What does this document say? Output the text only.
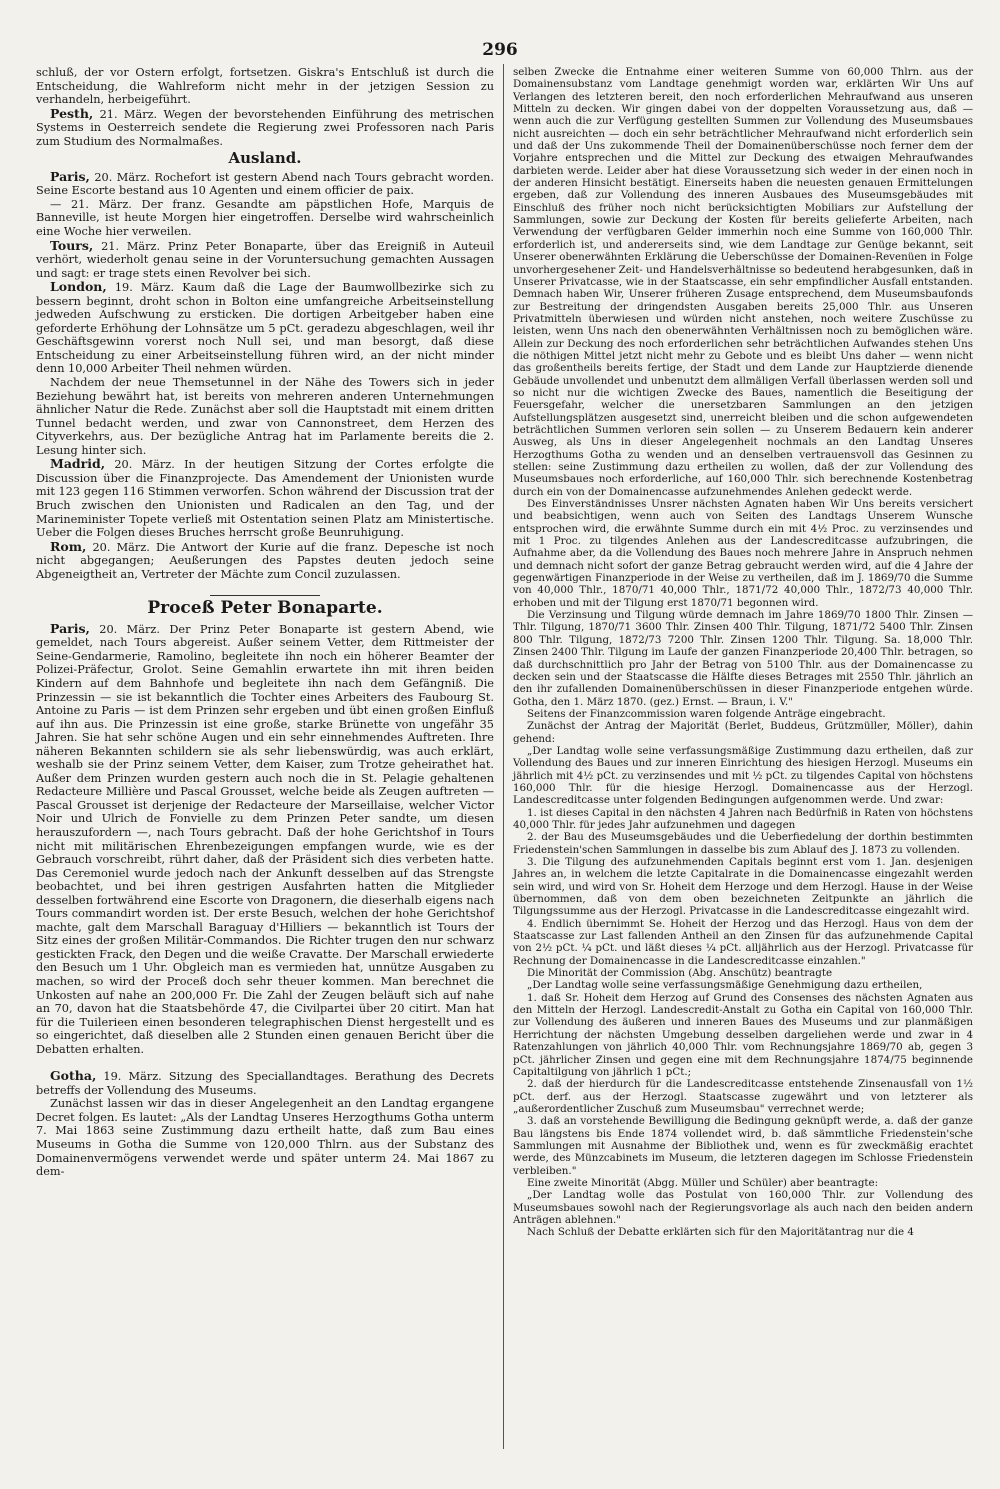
296

schluß, der vor Ostern erfolgt, fortsetzen. Giskra's Entschluß ist durch die Entscheidung, die Wahlreform nicht mehr in der jetzigen Session zu verhandeln, herbeigeführt.

Pesth, 21. März. Wegen der bevorstehenden Einführung des metrischen Systems in Oesterreich sendete die Regierung zwei Professoren nach Paris zum Studium des Normalmaßes.

Ausland.

Paris, 20. März. Rochefort ist gestern Abend nach Tours gebracht worden. Seine Escorte bestand aus 10 Agenten und einem officier de paix.

— 21. März. Der franz. Gesandte am päpstlichen Hofe, Marquis de Banneville, ist heute Morgen hier eingetroffen. Derselbe wird wahrscheinlich eine Woche hier verweilen.

Tours, 21. März. Prinz Peter Bonaparte, über das Ereigniß in Auteuil verhört, wiederholt genau seine in der Voruntersuchung gemachten Aussagen und sagt: er trage stets einen Revolver bei sich.

London, 19. März. Kaum daß die Lage der Baumwollbezirke sich zu bessern beginnt, droht schon in Bolton eine umfangreiche Arbeitseinstellung jedweden Aufschwung zu ersticken. Die dortigen Arbeitgeber haben eine geforderte Erhöhung der Lohnsätze um 5 pCt. geradezu abgeschlagen, weil ihr Geschäftsgewinn vorerst noch Null sei, und man besorgt, daß diese Entscheidung zu einer Arbeitseinstellung führen wird, an der nicht minder denn 10,000 Arbeiter Theil nehmen würden.

Nachdem der neue Themsetunnel in der Nähe des Towers sich in jeder Beziehung bewährt hat, ist bereits von mehreren anderen Unternehmungen ähnlicher Natur die Rede. Zunächst aber soll die Hauptstadt mit einem dritten Tunnel bedacht werden, und zwar von Cannonstreet, dem Herzen des Cityverkehrs, aus. Der bezügliche Antrag hat im Parlamente bereits die 2. Lesung hinter sich.

Madrid, 20. März. In der heutigen Sitzung der Cortes erfolgte die Discussion über die Finanzprojecte. Das Amendement der Unionisten wurde mit 123 gegen 116 Stimmen verworfen. Schon während der Discussion trat der Bruch zwischen den Unionisten und Radicalen an den Tag, und der Marineminister Topete verließ mit Ostentation seinen Platz am Ministertische. Ueber die Folgen dieses Bruches herrscht große Beunruhigung.

Rom, 20. März. Die Antwort der Kurie auf die franz. Depesche ist noch nicht abgegangen; Aeußerungen des Papstes deuten jedoch seine Abgeneigtheit an, Vertreter der Mächte zum Concil zuzulassen.

Proceß Peter Bonaparte.

Paris, 20. März. Der Prinz Peter Bonaparte ist gestern Abend, wie gemeldet, nach Tours abgereist. Außer seinem Vetter, dem Rittmeister der Seine-Gendarmerie, Ramolino, begleitete ihn noch ein höherer Beamter der Polizei-Präfectur, Grolot. Seine Gemahlin erwartete ihn mit ihren beiden Kindern auf dem Bahnhofe und begleitete ihn nach dem Gefängniß. Die Prinzessin — sie ist bekanntlich die Tochter eines Arbeiters des Faubourg St. Antoine zu Paris — ist dem Prinzen sehr ergeben und übt einen großen Einfluß auf ihn aus. Die Prinzessin ist eine große, starke Brünette von ungefähr 35 Jahren. Sie hat sehr schöne Augen und ein sehr einnehmendes Auftreten. Ihre näheren Bekannten schildern sie als sehr liebenswürdig, was auch erklärt, weshalb sie der Prinz seinem Vetter, dem Kaiser, zum Trotze geheirathet hat. Außer dem Prinzen wurden gestern auch noch die in St. Pelagie gehaltenen Redacteure Millière und Pascal Grousset, welche beide als Zeugen auftreten — Pascal Grousset ist derjenige der Redacteure der Marseillaise, welcher Victor Noir und Ulrich de Fonvielle zu dem Prinzen Peter sandte, um diesen herauszufordern —, nach Tours gebracht. Daß der hohe Gerichtshof in Tours nicht mit militärischen Ehrenbezeigungen empfangen wurde, wie es der Gebrauch vorschreibt, rührt daher, daß der Präsident sich dies verbeten hatte. Das Ceremoniel wurde jedoch nach der Ankunft desselben auf das Strengste beobachtet, und bei ihren gestrigen Ausfahrten hatten die Mitglieder desselben fortwährend eine Escorte von Dragonern, die dieserhalb eigens nach Tours commandirt worden ist. Der erste Besuch, welchen der hohe Gerichtshof machte, galt dem Marschall Baraguay d'Hilliers — bekanntlich ist Tours der Sitz eines der großen Militär-Commandos. Die Richter trugen den nur schwarz gestickten Frack, den Degen und die weiße Cravatte. Der Marschall erwiederte den Besuch um 1 Uhr. Obgleich man es vermieden hat, unnütze Ausgaben zu machen, so wird der Proceß doch sehr theuer kommen. Man berechnet die Unkosten auf nahe an 200,000 Fr. Die Zahl der Zeugen beläuft sich auf nahe an 70, davon hat die Staatsbehörde 47, die Civilpartei über 20 citirt. Man hat für die Tuilerieen einen besonderen telegraphischen Dienst hergestellt und es so eingerichtet, daß dieselben alle 2 Stunden einen genauen Bericht über die Debatten erhalten.

Gotha, 19. März. Sitzung des Speciallandtages. Berathung des Decrets betreffs der Vollendung des Museums.

Zunächst lassen wir das in dieser Angelegenheit an den Landtag ergangene Decret folgen. Es lautet: „Als der Landtag Unseres Herzogthums Gotha unterm 7. Mai 1863 seine Zustimmung dazu ertheilt hatte, daß zum Bau eines Museums in Gotha die Summe von 120,000 Thlrn. aus der Substanz des Domainenvermögens verwendet werde und später unterm 24. Mai 1867 zu dem-

selben Zwecke die Entnahme einer weiteren Summe von 60,000 Thlrn. aus der Domainensubstanz vom Landtage genehmigt worden war, erklärten Wir Uns auf Verlangen des letzteren bereit, den noch erforderlichen Mehraufwand aus unseren Mitteln zu decken. Wir gingen dabei von der doppelten Voraussetzung aus, daß — wenn auch die zur Verfügung gestellten Summen zur Vollendung des Museumsbaues nicht ausreichten — doch ein sehr beträchtlicher Mehraufwand nicht erforderlich sein und daß der Uns zukommende Theil der Domainenüberschüsse noch ferner dem der Vorjahre entsprechen und die Mittel zur Deckung des etwaigen Mehraufwandes darbieten werde. Leider aber hat diese Voraussetzung sich weder in der einen noch in der anderen Hinsicht bestätigt. Einerseits haben die neuesten genauen Ermittelungen ergeben, daß zur Vollendung des inneren Ausbaues des Museumsgebäudes mit Einschluß des früher noch nicht berücksichtigten Mobiliars zur Aufstellung der Sammlungen, sowie zur Deckung der Kosten für bereits gelieferte Arbeiten, nach Verwendung der verfügbaren Gelder immerhin noch eine Summe von 160,000 Thlr. erforderlich ist, und andererseits sind, wie dem Landtage zur Genüge bekannt, seit Unserer obenerwähnten Erklärung die Ueberschüsse der Domainen-Revenüen in Folge unvorhergesehener Zeit- und Handelsverhältnisse so bedeutend herabgesunken, daß in Unserer Privatcasse, wie in der Staatscasse, ein sehr empfindlicher Ausfall entstanden. Demnach haben Wir, Unserer früheren Zusage entsprechend, dem Museumsbaufonds zur Bestreitung der dringendsten Ausgaben bereits 25,000 Thlr. aus Unseren Privatmitteln überwiesen und würden nicht anstehen, noch weitere Zuschüsse zu leisten, wenn Uns nach den obenerwähnten Verhältnissen noch zu bemöglichen wäre. Allein zur Deckung des noch erforderlichen sehr beträchtlichen Aufwandes stehen Uns die nöthigen Mittel jetzt nicht mehr zu Gebote und es bleibt Uns daher — wenn nicht das großentheils bereits fertige, der Stadt und dem Lande zur Hauptzierde dienende Gebäude unvollendet und unbenutzt dem allmäligen Verfall überlassen werden soll und so nicht nur die wichtigen Zwecke des Baues, namentlich die Beseitigung der Feuersgefahr, welcher die unersetzbaren Sammlungen an den jetzigen Aufstellungsplätzen ausgesetzt sind, unerreicht bleiben und die schon aufgewendeten beträchtlichen Summen verloren sein sollen — zu Unserem Bedauern kein anderer Ausweg, als Uns in dieser Angelegenheit nochmals an den Landtag Unseres Herzogthums Gotha zu wenden und an denselben vertrauensvoll das Gesinnen zu stellen: seine Zustimmung dazu ertheilen zu wollen, daß der zur Vollendung des Museumsbaues noch erforderliche, auf 160,000 Thlr. sich berechnende Kostenbetrag durch ein von der Domainencasse aufzunehmendes Anlehen gedeckt werde.

Des Einverständnisses Unsrer nächsten Agnaten haben Wir Uns bereits versichert und beabsichtigen, wenn auch von Seiten des Landtags Unserem Wunsche entsprochen wird, die erwähnte Summe durch ein mit 4½ Proc. zu verzinsendes und mit 1 Proc. zu tilgendes Anlehen aus der Landescreditcasse aufzubringen, die Aufnahme aber, da die Vollendung des Baues noch mehrere Jahre in Anspruch nehmen und demnach nicht sofort der ganze Betrag gebraucht werden wird, auf die 4 Jahre der gegenwärtigen Finanzperiode in der Weise zu vertheilen, daß im J. 1869/70 die Summe von 40,000 Thlr., 1870/71 40,000 Thlr., 1871/72 40,000 Thlr., 1872/73 40,000 Thlr. erhoben und mit der Tilgung erst 1870/71 begonnen wird.

Die Verzinsung und Tilgung würde demnach im Jahre 1869/70 1800 Thlr. Zinsen — Thlr. Tilgung, 1870/71 3600 Thlr. Zinsen 400 Thlr. Tilgung, 1871/72 5400 Thlr. Zinsen 800 Thlr. Tilgung, 1872/73 7200 Thlr. Zinsen 1200 Thlr. Tilgung. Sa. 18,000 Thlr. Zinsen 2400 Thlr. Tilgung im Laufe der ganzen Finanzperiode 20,400 Thlr. betragen, so daß durchschnittlich pro Jahr der Betrag von 5100 Thlr. aus der Domainencasse zu decken sein und der Staatscasse die Hälfte dieses Betrages mit 2550 Thlr. jährlich an den ihr zufallenden Domainenüberschüssen in dieser Finanzperiode entgehen würde. Gotha, den 1. März 1870. (gez.) Ernst. — Braun, i. V."

Seitens der Finanzcommission waren folgende Anträge eingebracht.

Zunächst der Antrag der Majorität (Berlet, Buddeus, Grützmüller, Möller), dahin gehend:

„Der Landtag wolle seine verfassungsmäßige Zustimmung dazu ertheilen, daß zur Vollendung des Baues und zur inneren Einrichtung des hiesigen Herzogl. Museums ein jährlich mit 4½ pCt. zu verzinsendes und mit ½ pCt. zu tilgendes Capital von höchstens 160,000 Thlr. für die hiesige Herzogl. Domainencasse aus der Herzogl. Landescreditcasse unter folgenden Bedingungen aufgenommen werde. Und zwar:

1. ist dieses Capital in den nächsten 4 Jahren nach Bedürfniß in Raten von höchstens 40,000 Thlr. für jedes Jahr aufzunehmen und dagegen

2. der Bau des Museumsgebäudes und die Ueberfiedelung der dorthin bestimmten Friedenstein'schen Sammlungen in dasselbe bis zum Ablauf des J. 1873 zu vollenden.

3. Die Tilgung des aufzunehmenden Capitals beginnt erst vom 1. Jan. desjenigen Jahres an, in welchem die letzte Capitalrate in die Domainencasse eingezahlt werden sein wird, und wird von Sr. Hoheit dem Herzoge und dem Herzogl. Hause in der Weise übernommen, daß von dem oben bezeichneten Zeitpunkte an jährlich die Tilgungssumme aus der Herzogl. Privatcasse in die Landescreditcasse eingezahlt wird.

4. Endlich übernimmt Se. Hoheit der Herzog und das Herzogl. Haus von dem der Staatscasse zur Last fallenden Antheil an den Zinsen für das aufzunehmende Capital von 2½ pCt. ¼ pCt. und läßt dieses ¼ pCt. alljährlich aus der Herzogl. Privatcasse für Rechnung der Domainencasse in die Landescreditcasse einzahlen."

Die Minorität der Commission (Abg. Anschütz) beantragte

„Der Landtag wolle seine verfassungsmäßige Genehmigung dazu ertheilen,

1. daß Sr. Hoheit dem Herzog auf Grund des Consenses des nächsten Agnaten aus den Mitteln der Herzogl. Landescredit-Anstalt zu Gotha ein Capital von 160,000 Thlr. zur Vollendung des äußeren und inneren Baues des Museums und zur planmäßigen Herrichtung der nächsten Umgebung desselben dargeliehen werde und zwar in 4 Ratenzahlungen von jährlich 40,000 Thlr. vom Rechnungsjahre 1869/70 ab, gegen 3 pCt. jährlicher Zinsen und gegen eine mit dem Rechnungsjahre 1874/75 beginnende Capitaltilgung von jährlich 1 pCt.;

2. daß der hierdurch für die Landescreditcasse entstehende Zinsenausfall von 1½ pCt. derf. aus der Herzogl. Staatscasse zugewährt und von letzterer als „außerordentlicher Zuschuß zum Museumsbau" verrechnet werde;

3. daß an vorstehende Bewilligung die Bedingung geknüpft werde, a. daß der ganze Bau längstens bis Ende 1874 vollendet wird, b. daß sämmtliche Friedenstein'sche Sammlungen mit Ausnahme der Bibliothek und, wenn es für zweckmäßig erachtet werde, des Münzcabinets im Museum, die letzteren dagegen im Schlosse Friedenstein verbleiben."

Eine zweite Minorität (Abgg. Müller und Schüler) aber beantragte:

„Der Landtag wolle das Postulat von 160,000 Thlr. zur Vollendung des Museumsbaues sowohl nach der Regierungsvorlage als auch nach den beiden andern Anträgen ablehnen."

Nach Schluß der Debatte erklärten sich für den Majoritätantrag nur die 4
